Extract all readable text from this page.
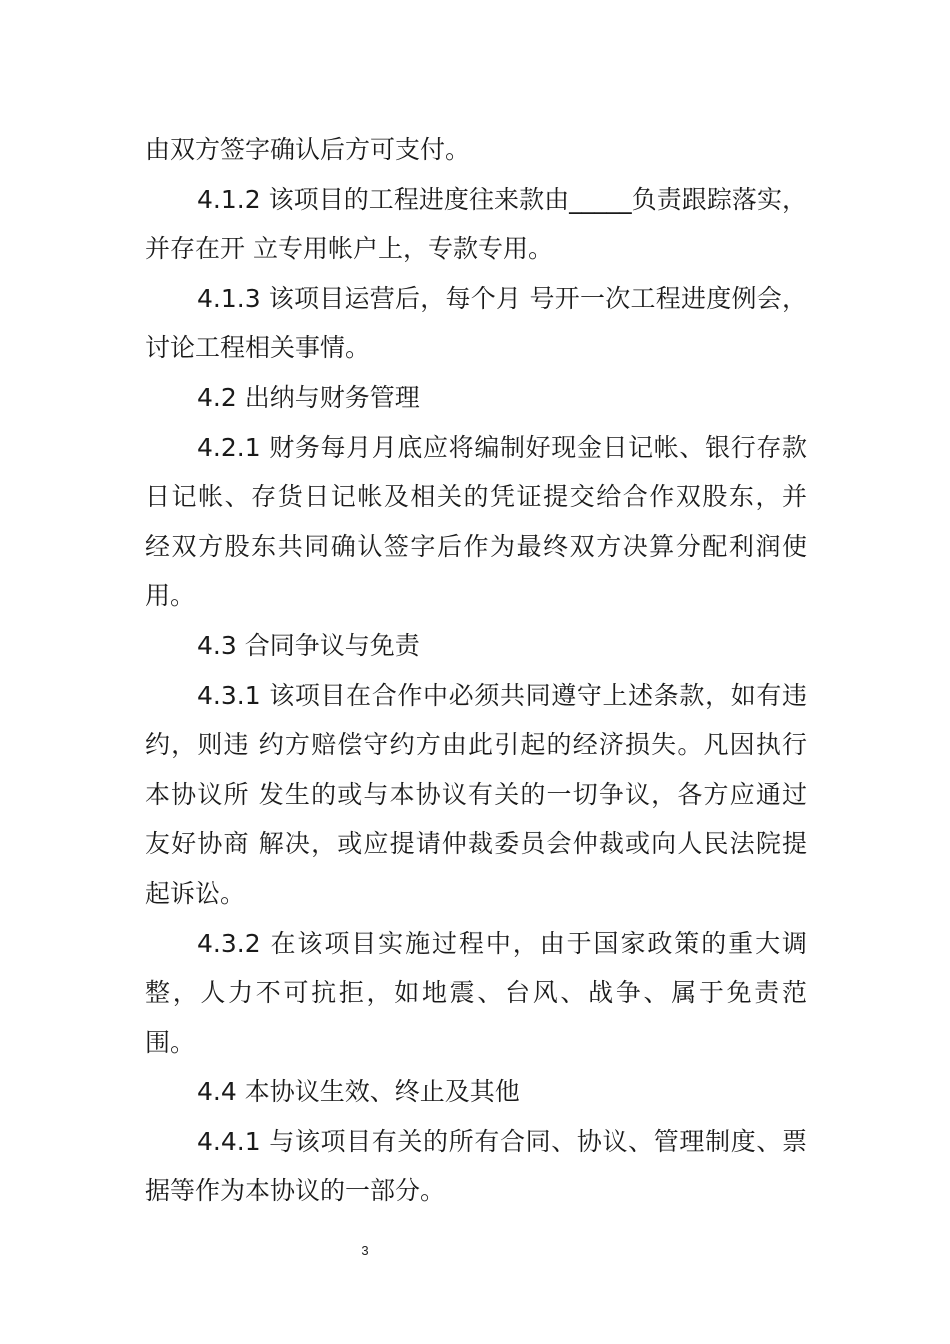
由双方签字确认后方可支付。
4.1.2 该项目的工程进度往来款由_____负责跟踪落实，
并存在开 立专用帐户上，专款专用。
4.1.3 该项目运营后，每个月 号开一次工程进度例会，
讨论工程相关事情。
4.2 出纳与财务管理
4.2.1 财务每月月底应将编制好现金日记帐、银行存款
日记帐、存货日记帐及相关的凭证提交给合作双股东，并
经双方股东共同确认签字后作为最终双方决算分配利润使
用。
4.3 合同争议与免责
4.3.1 该项目在合作中必须共同遵守上述条款，如有违
约，则违 约方赔偿守约方由此引起的经济损失。凡因执行
本协议所 发生的或与本协议有关的一切争议，各方应通过
友好协商 解决，或应提请仲裁委员会仲裁或向人民法院提
起诉讼。
4.3.2 在该项目实施过程中，由于国家政策的重大调
整，人力不可抗拒，如地震、台风、战争、属于免责范
围。
4.4 本协议生效、终止及其他
4.4.1 与该项目有关的所有合同、协议、管理制度、票
据等作为本协议的一部分。
3
